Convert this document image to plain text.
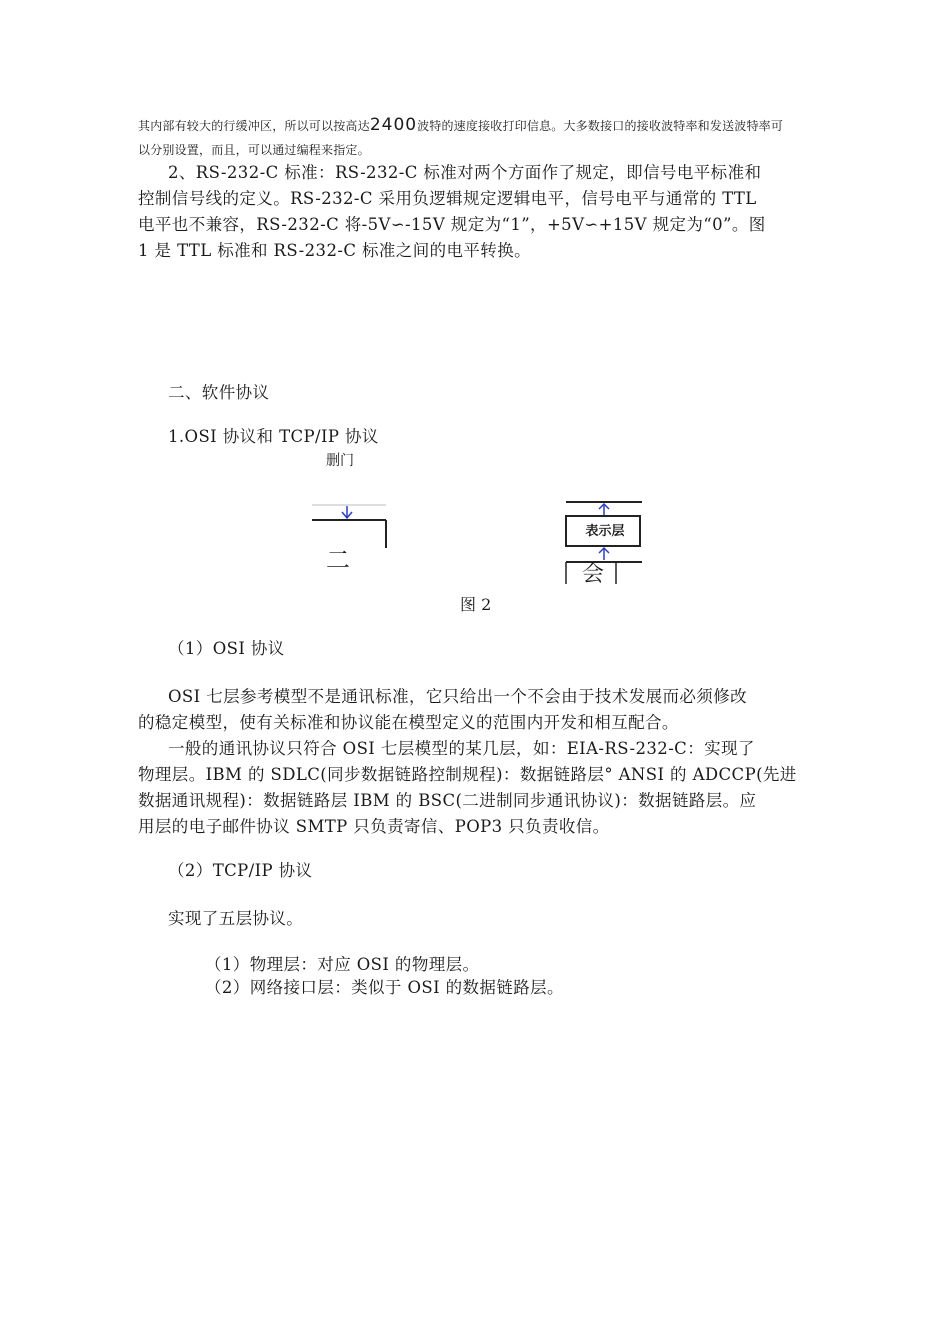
其内部有较大的行缓冲区，所以可以按高达2400波特的速度接收打印信息。大多数接口的接收波特率和发送波特率可
以分别设置，而且，可以通过编程来指定。
2、RS-232-C 标准：RS-232-C 标准对两个方面作了规定，即信号电平标准和
控制信号线的定义。RS-232-C 采用负逻辑规定逻辑电平，信号电平与通常的 TTL
电平也不兼容，RS-232-C 将-5V∽-15V 规定为“1”，+5V∽+15V 规定为“0”。图
1 是 TTL 标准和 RS-232-C 标准之间的电平转换。
二、软件协议
1.OSI 协议和 TCP/IP 协议
删门
二
表示层
会
图 2
（1）OSI 协议
OSI 七层参考模型不是通讯标准，它只给出一个不会由于技术发展而必须修改
的稳定模型，使有关标准和协议能在模型定义的范围内开发和相互配合。
一般的通讯协议只符合 OSI 七层模型的某几层，如：EIA-RS-232-C：实现了
物理层。IBM 的 SDLC(同步数据链路控制规程)：数据链路层° ANSI 的 ADCCP(先进
数据通讯规程)：数据链路层 IBM 的 BSC(二进制同步通讯协议)：数据链路层。应
用层的电子邮件协议 SMTP 只负责寄信、POP3 只负责收信。
（2）TCP/IP 协议
实现了五层协议。
（1）物理层：对应 OSI 的物理层。
（2）网络接口层：类似于 OSI 的数据链路层。
